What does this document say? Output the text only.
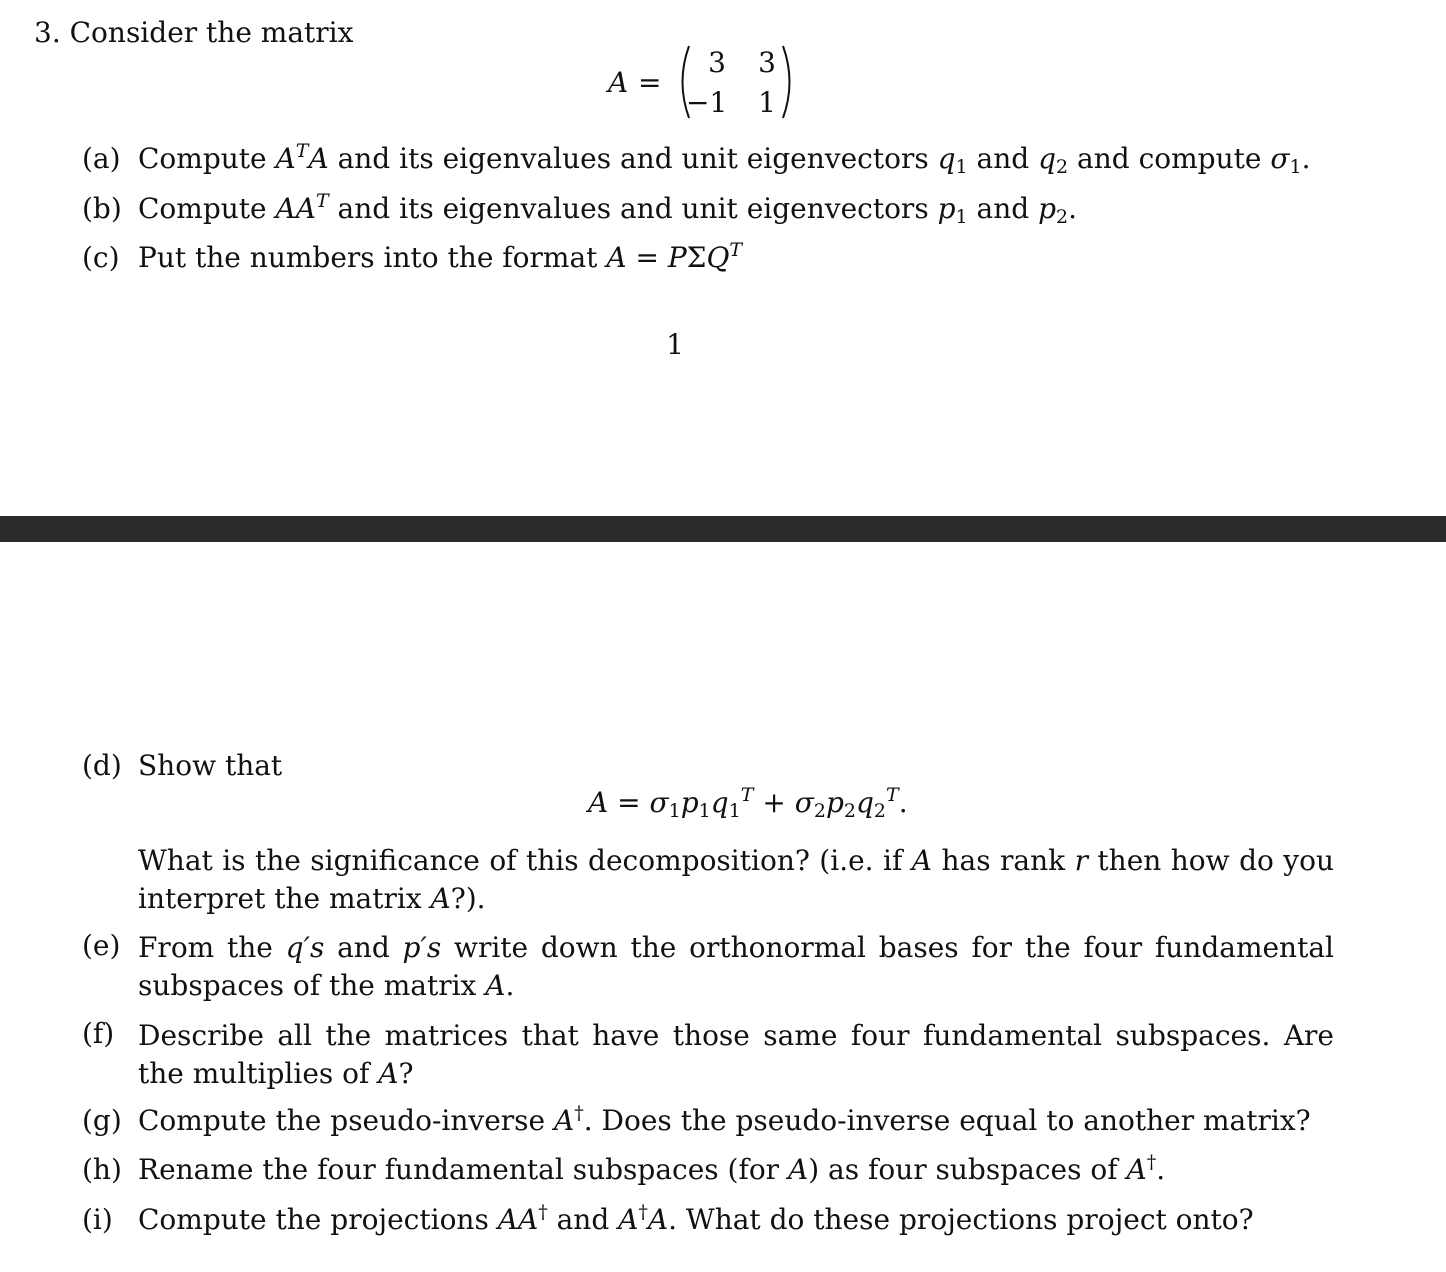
3. Consider the matrix
A =
3	3
−1	1
(a) Compute $A^TA$ and its eigenvalues and unit eigenvectors $q_1$ and $q_2$ and compute $\sigma_1$.
(b) Compute $AA^T$ and its eigenvalues and unit eigenvectors $p_1$ and $p_2$.
(c) Put the numbers into the format $A = P\Sigma Q^T$
1
(d) Show that
$A = \sigma_1p_1q_1^T + \sigma_2p_2q_2^T$.
What is the significance of this decomposition? (i.e. if A has rank r then how do you interpret the matrix A?).
(e) From the q′s and p′s write down the orthonormal bases for the four fundamental subspaces of the matrix A.
(f) Describe all the matrices that have those same four fundamental subspaces. Are the multiplies of A?
(g) Compute the pseudo-inverse A†. Does the pseudo-inverse equal to another matrix?
(h) Rename the four fundamental subspaces (for A) as four subspaces of A†.
(i) Compute the projections AA† and A†A. What do these projections project onto?
